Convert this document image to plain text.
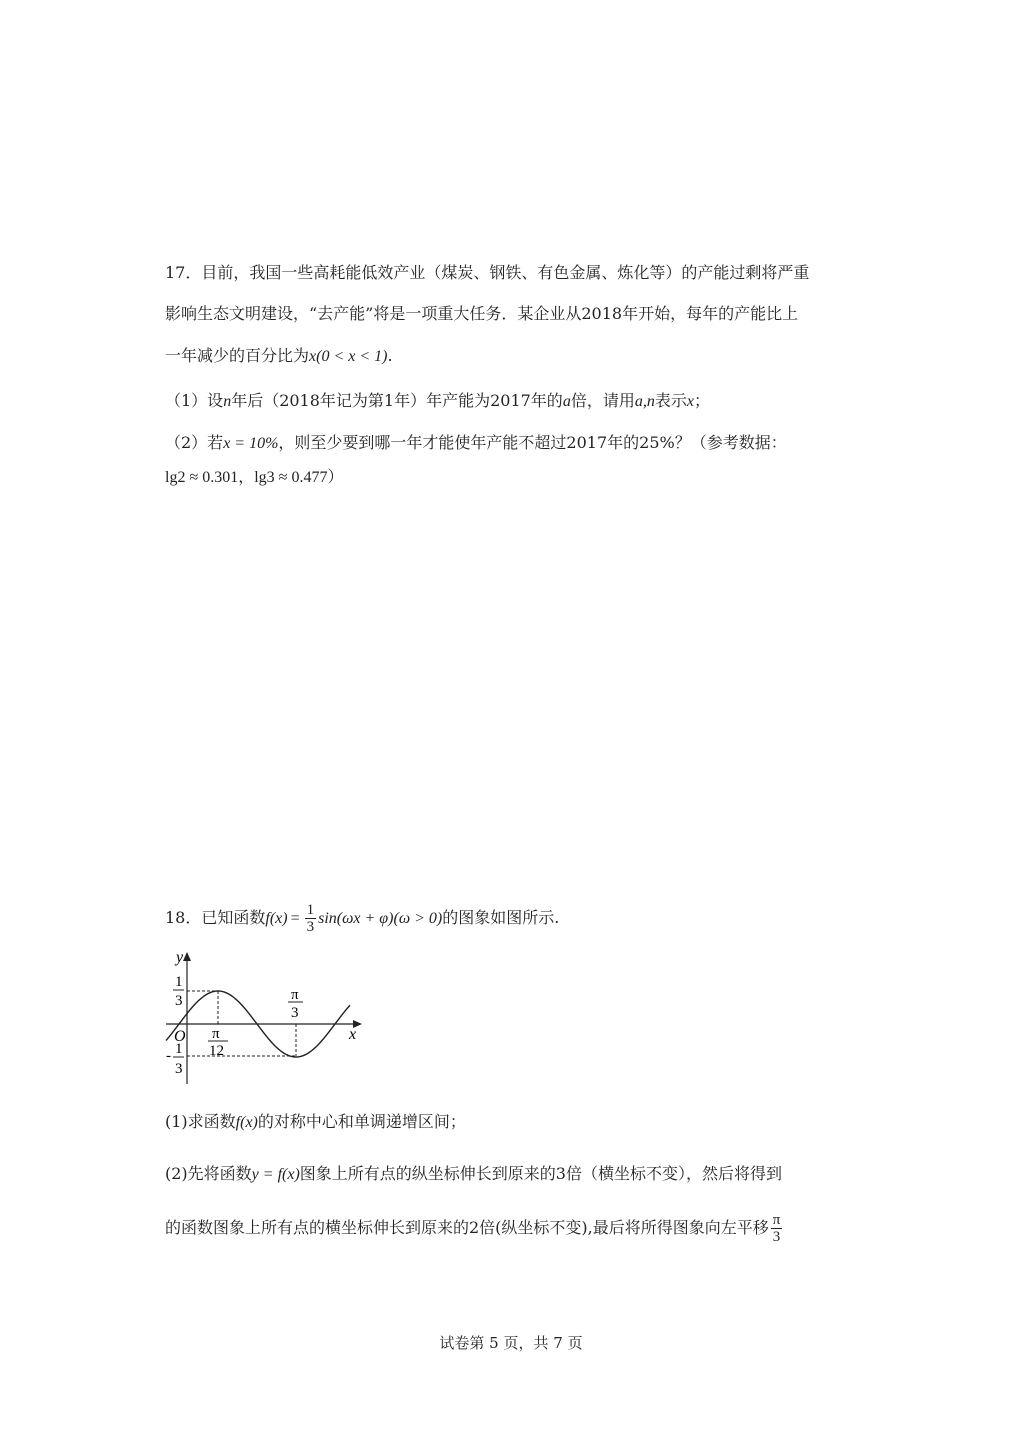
17．目前，我国一些高耗能低效产业（煤炭、钢铁、有色金属、炼化等）的产能过剩将严重
影响生态文明建设，“去产能”将是一项重大任务．某企业从2018年开始，每年的产能比上
一年减少的百分比为x(0 < x < 1).
（1）设n年后（2018年记为第1年）年产能为2017年的a倍，请用a,n表示x；
（2）若x = 10%，则至少要到哪一年才能使年产能不超过2017年的25%？（参考数据：
lg2 ≈ 0.301，lg3 ≈ 0.477）
18．已知函数$f(x) = \frac{1}{3} \sin(\omega x + \varphi)(\omega > 0)$的图象如图所示.
y
x
O
1
3
- 1
3
π
12
π
3
(1)求函数f(x)的对称中心和单调递增区间；
(2)先将函数y = f(x)图象上所有点的纵坐标伸长到原来的3倍（横坐标不变），然后将得到
的函数图象上所有点的横坐标伸长到原来的2倍(纵坐标不变),最后将所得图象向左平移 $\frac{\pi}{3}$
试卷第 5 页，共 7 页
